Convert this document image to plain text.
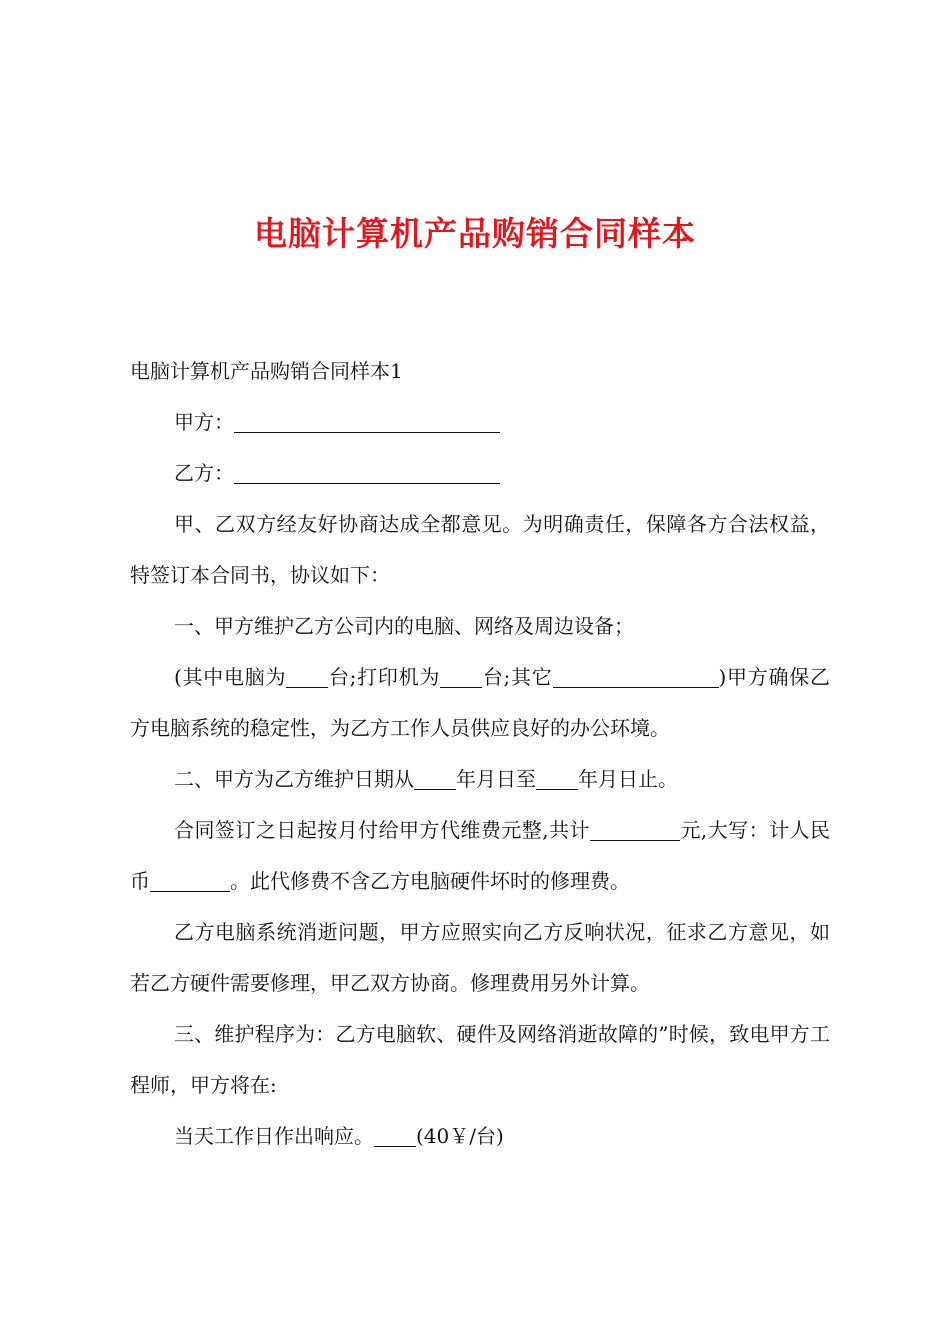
电脑计算机产品购销合同样本

电脑计算机产品购销合同样本1

甲方：

乙方：

甲、乙双方经友好协商达成全都意见。为明确责任，保障各方合法权益，特签订本合同书，协议如下：

一、甲方维护乙方公司内的电脑、网络及周边设备；

(其中电脑为 台;打印机为 台;其它	)甲方确保乙方电脑系统的稳定性，为乙方工作人员供应良好的办公环境。

二、甲方为乙方维护日期从 年月日至 年月日止。

合同签订之日起按月付给甲方代维费元整,共计	元,大写：计人民币	。此代修费不含乙方电脑硬件坏时的修理费。

乙方电脑系统消逝问题，甲方应照实向乙方反响状况，征求乙方意见，如若乙方硬件需要修理，甲乙双方协商。修理费用另外计算。

三、维护程序为：乙方电脑软、硬件及网络消逝故障的”时候，致电甲方工程师，甲方将在:

当天工作日作出响应。 (40￥/台)
